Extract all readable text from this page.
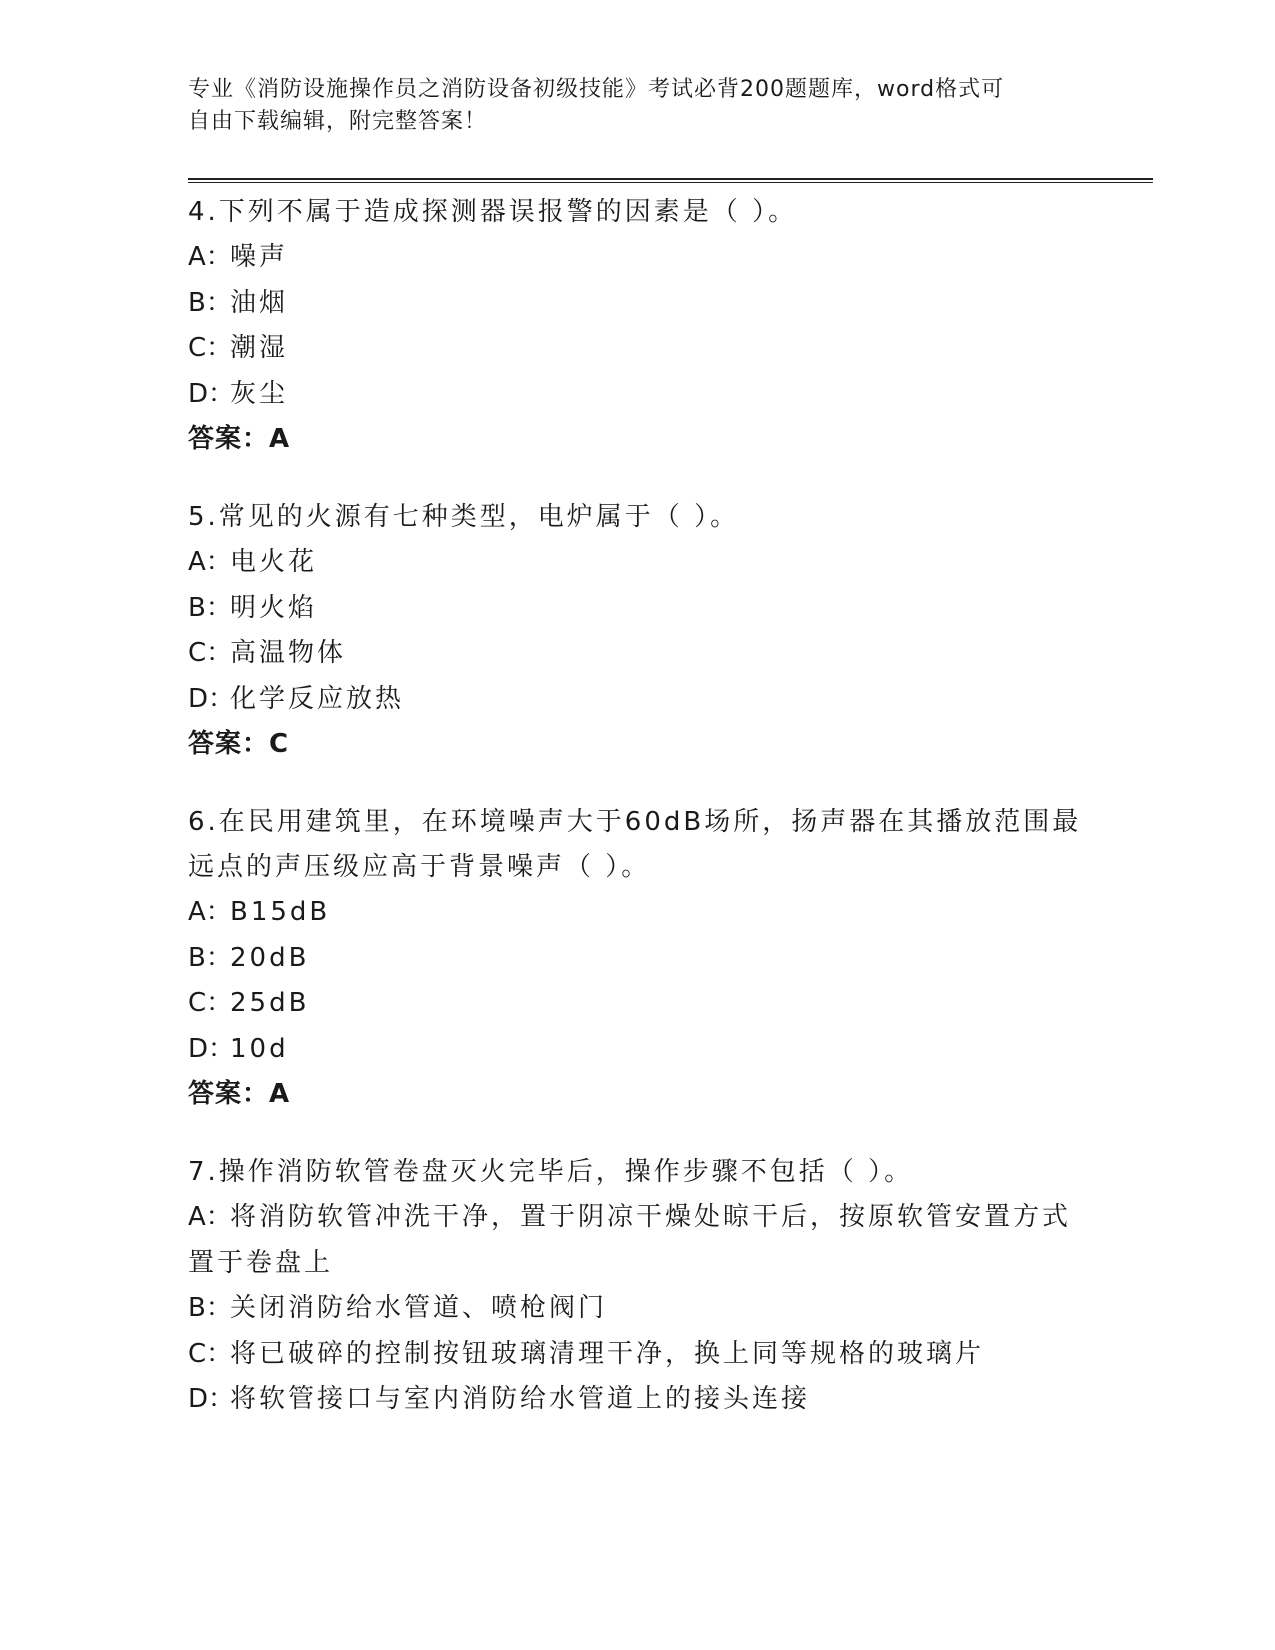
专业《消防设施操作员之消防设备初级技能》考试必背200题题库，word格式可
自由下载编辑，附完整答案！
4.下列不属于造成探测器误报警的因素是（ ）。
A：噪声
B：油烟
C：潮湿
D：灰尘
答案：A
5.常见的火源有七种类型，电炉属于（ ）。
A：电火花
B：明火焰
C：高温物体
D：化学反应放热
答案：C
6.在民用建筑里，在环境噪声大于60dB场所，扬声器在其播放范围最
远点的声压级应高于背景噪声（ ）。
A：B15dB
B：20dB
C：25dB
D：10d
答案：A
7.操作消防软管卷盘灭火完毕后，操作步骤不包括（ ）。
A：将消防软管冲洗干净，置于阴凉干燥处晾干后，按原软管安置方式
置于卷盘上
B：关闭消防给水管道、喷枪阀门
C：将已破碎的控制按钮玻璃清理干净，换上同等规格的玻璃片
D：将软管接口与室内消防给水管道上的接头连接
